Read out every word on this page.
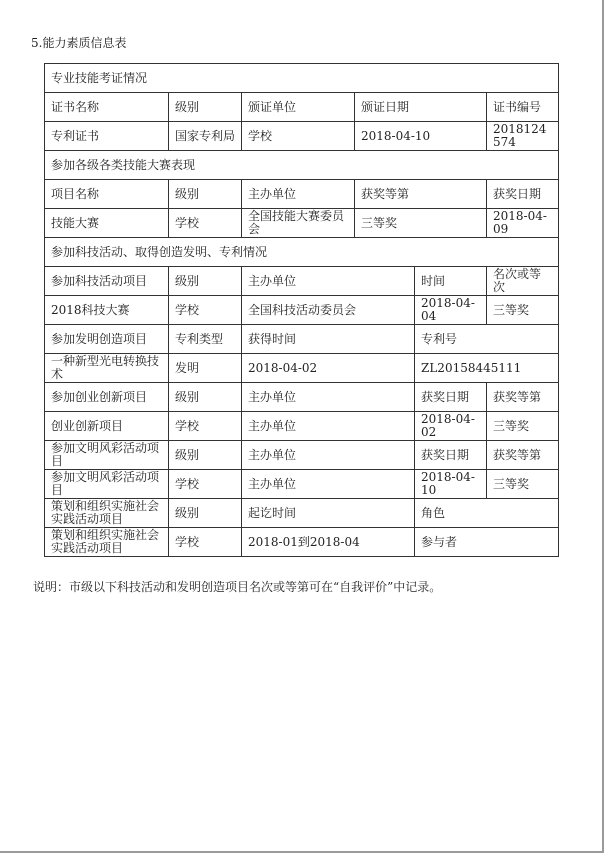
5.能力素质信息表
专业技能考证情况					
证书名称	级别	颁证单位	颁证日期		证书编号
专利证书	国家专利局	学校	2018-04-10		2018124574
参加各级各类技能大赛表现					
项目名称	级别	主办单位	获奖等第		获奖日期
技能大赛	学校	全国技能大赛委员会	三等奖		2018-04-09
参加科技活动、取得创造发明、专利情况					
参加科技活动项目	级别	主办单位		时间	名次或等次
2018科技大赛	学校	全国科技活动委员会		2018-04-04	三等奖
参加发明创造项目	专利类型	获得时间		专利号	
一种新型光电转换技术	发明	2018-04-02		ZL20158445111	
参加创业创新项目	级别	主办单位		获奖日期	获奖等第
创业创新项目	学校	主办单位		2018-04-02	三等奖
参加文明风彩活动项目	级别	主办单位		获奖日期	获奖等第
参加文明风彩活动项目	学校	主办单位		2018-04-10	三等奖
策划和组织实施社会实践活动项目	级别	起讫时间		角色	
策划和组织实施社会实践活动项目	学校	2018-01到2018-04		参与者	
说明：市级以下科技活动和发明创造项目名次或等第可在“自我评价”中记录。
